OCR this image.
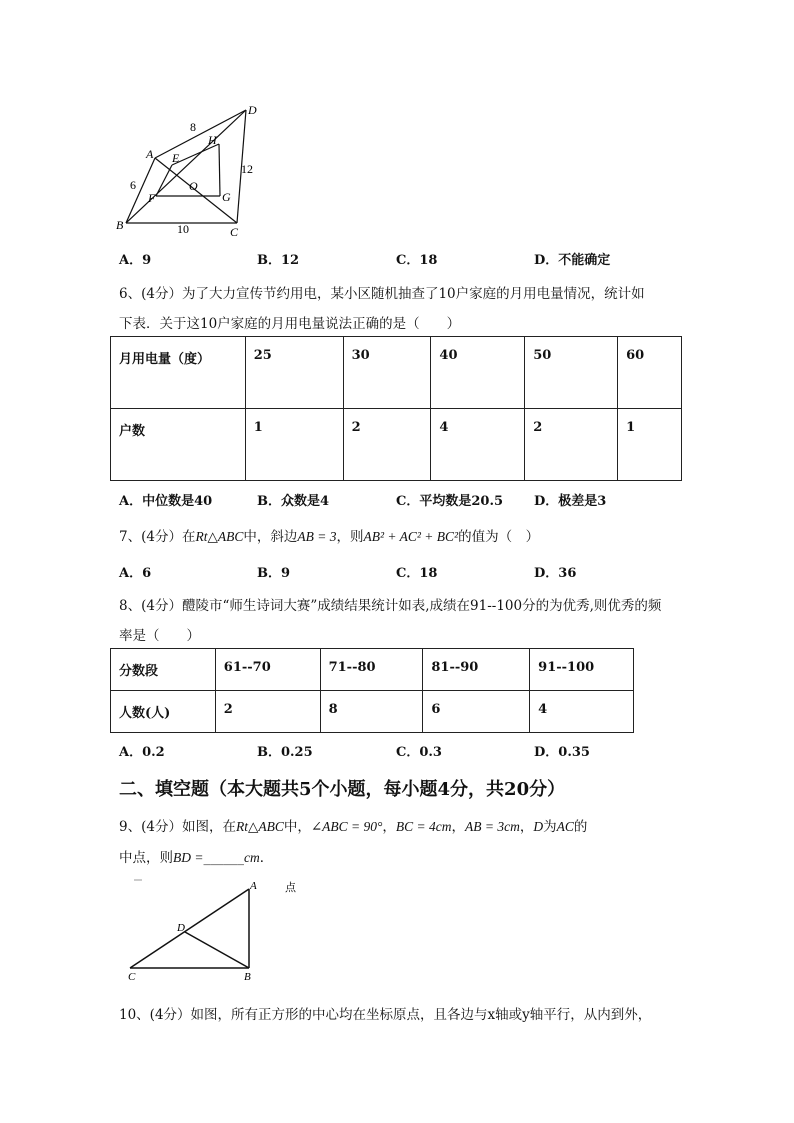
A
B	C
D
E
F	G
H
O
8
6
10
12
A．9	B．12	C．18	D．不能确定
6、(4分）为了大力宣传节约用电，某小区随机抽查了10户家庭的月用电量情况，统计如
下表．关于这10户家庭的月用电量说法正确的是（　　）
月用电量（度）	25	30	40	50	60
户数	1	2	4	2	1
A．中位数是40	B．众数是4	C．平均数是20.5 D．极差是3
7、(4分）在Rt△ABC中，斜边AB = 3，则AB² + AC² + BC²的值为（　）
A．6	B．9	C．18	D．36
8、(4分）醴陵市“师生诗词大赛”成绩结果统计如表,成绩在91--100分的为优秀,则优秀的频
率是（　　）
分数段	61--70	71--80	81--90	91--100
人数(人)	2	8	6	4
A．0.2	B．0.25	C．0.3	D．0.35
二、填空题（本大题共5个小题，每小题4分，共20分）
9、(4分）如图，在Rt△ABC中，∠ABC = 90°，BC = 4cm，AB = 3cm，D为AC的
中点，则BD =______cm．
A
B
C
D
点
10、(4分）如图，所有正方形的中心均在坐标原点，且各边与x轴或y轴平行，从内到外，
